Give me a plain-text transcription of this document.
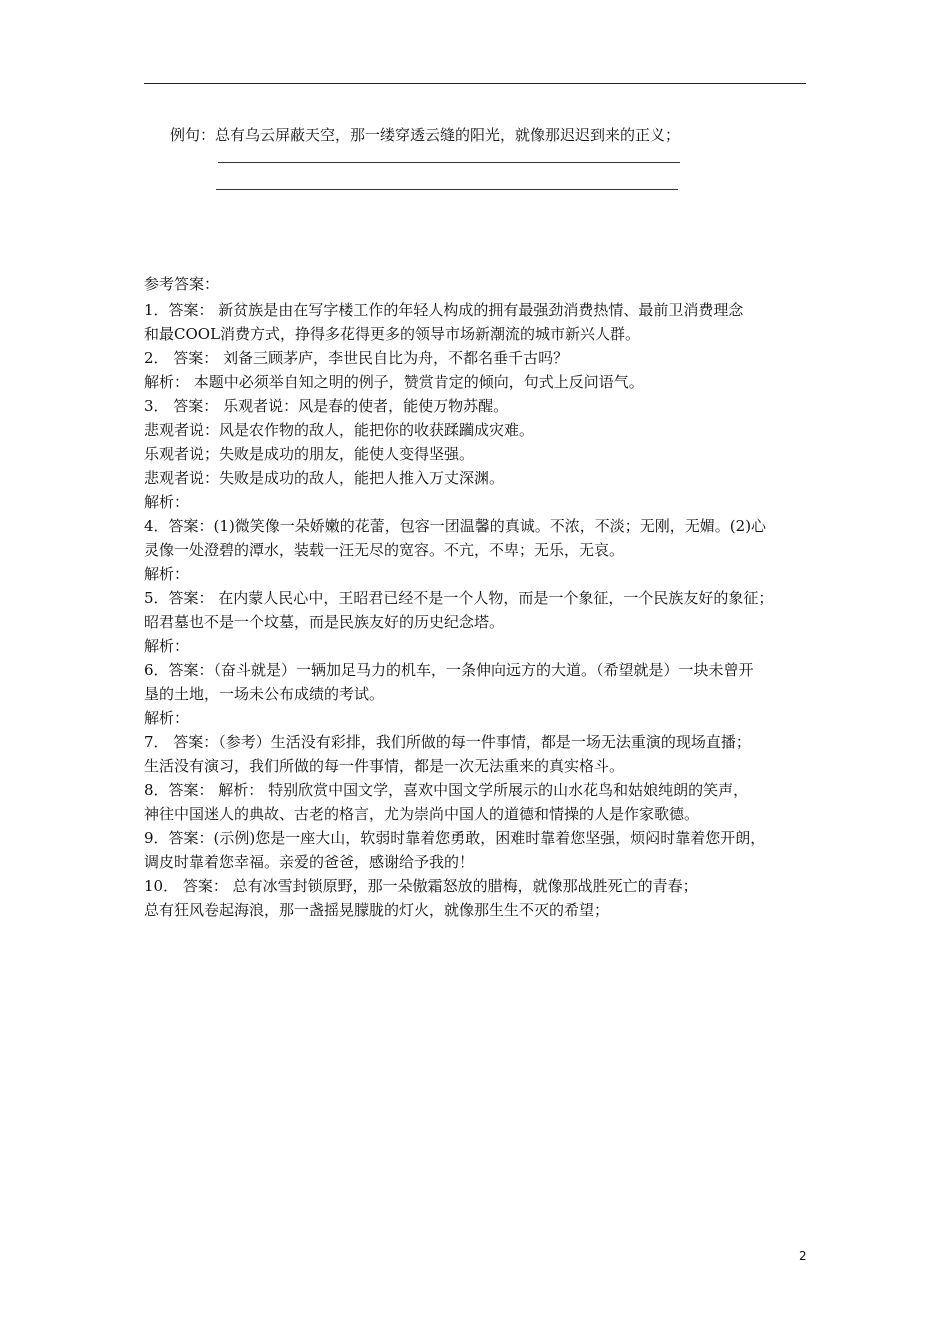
例句：总有乌云屏蔽天空，那一缕穿透云缝的阳光，就像那迟迟到来的正义；
参考答案：
1．答案： 新贫族是由在写字楼工作的年轻人构成的拥有最强劲消费热情、最前卫消费理念
和最COOL消费方式，挣得多花得更多的领导市场新潮流的城市新兴人群。
2． 答案： 刘备三顾茅庐，李世民自比为舟，不都名垂千古吗？
解析： 本题中必须举自知之明的例子，赞赏肯定的倾向，句式上反问语气。
3． 答案： 乐观者说：风是春的使者，能使万物苏醒。
悲观者说：风是农作物的敌人，能把你的收获蹂躏成灾难。
乐观者说；失败是成功的朋友，能使人变得坚强。
悲观者说：失败是成功的敌人，能把人推入万丈深渊。
解析：
4．答案：(1)微笑像一朵娇嫩的花蕾，包容一团温馨的真诚。不浓，不淡；无刚，无媚。(2)心
灵像一处澄碧的潭水，装载一汪无尽的宽容。不亢，不卑；无乐，无哀。
解析：
5．答案： 在内蒙人民心中，王昭君已经不是一个人物，而是一个象征，一个民族友好的象征；
昭君墓也不是一个坟墓，而是民族友好的历史纪念塔。
解析：
6．答案：（奋斗就是）一辆加足马力的机车，一条伸向远方的大道。（希望就是）一块未曾开
垦的土地，一场未公布成绩的考试。
解析：
7． 答案：（参考）生活没有彩排，我们所做的每一件事情，都是一场无法重演的现场直播；
生活没有演习，我们所做的每一件事情，都是一次无法重来的真实格斗。
8．答案： 解析： 特别欣赏中国文学，喜欢中国文学所展示的山水花鸟和姑娘纯朗的笑声，
神往中国迷人的典故、古老的格言，尤为崇尚中国人的道德和情操的人是作家歌德。
9．答案：(示例)您是一座大山，软弱时靠着您勇敢，困难时靠着您坚强，烦闷时靠着您开朗，
调皮时靠着您幸福。亲爱的爸爸，感谢给予我的！
10． 答案： 总有冰雪封锁原野，那一朵傲霜怒放的腊梅，就像那战胜死亡的青春；
总有狂风卷起海浪，那一盏摇晃朦胧的灯火，就像那生生不灭的希望；
2
